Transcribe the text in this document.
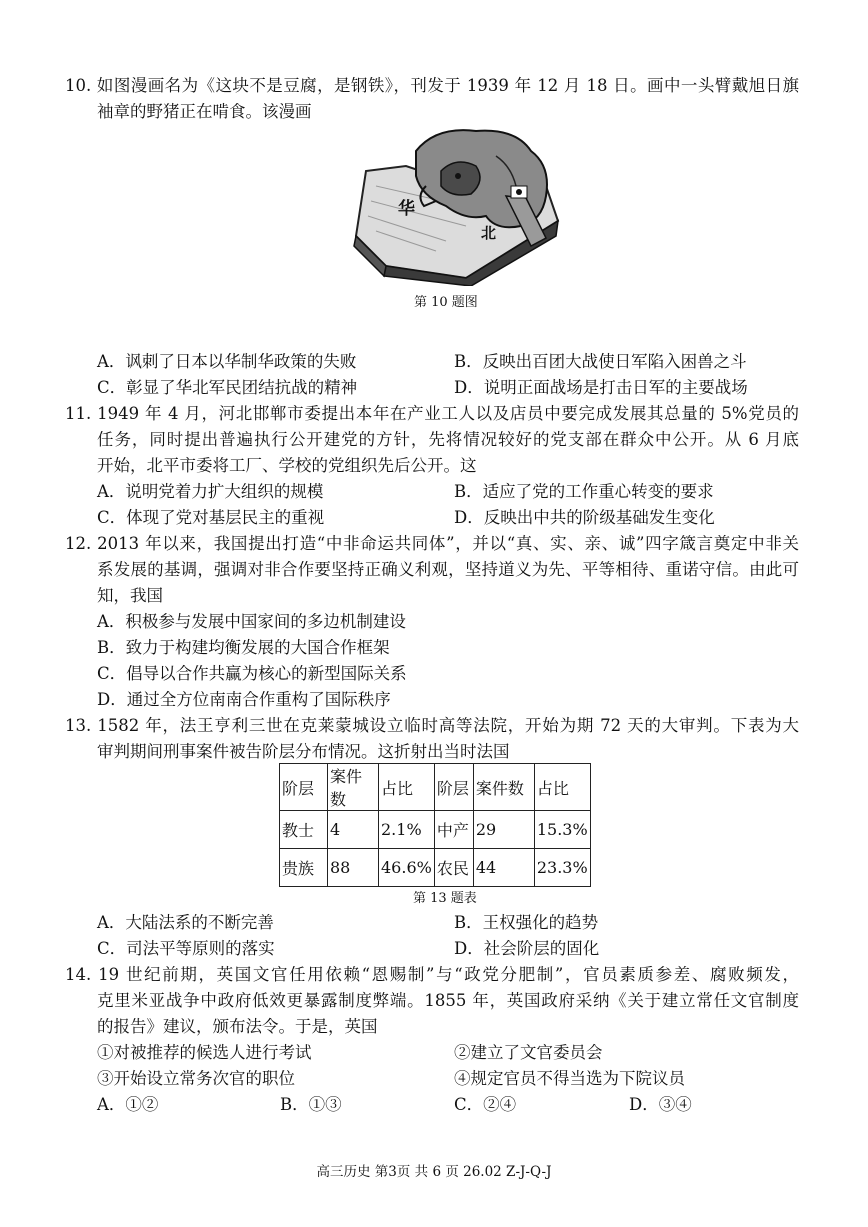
10. 如图漫画名为《这块不是豆腐，是钢铁》，刊发于 1939 年 12 月 18 日。画中一头臂戴旭日旗
袖章的野猪正在啃食。该漫画
华
北
第 10 题图
A．讽刺了日本以华制华政策的失败	B．反映出百团大战使日军陷入困兽之斗
C．彰显了华北军民团结抗战的精神	D．说明正面战场是打击日军的主要战场
11. 1949 年 4 月，河北邯郸市委提出本年在产业工人以及店员中要完成发展其总量的 5%党员的
任务，同时提出普遍执行公开建党的方针，先将情况较好的党支部在群众中公开。从 6 月底
开始，北平市委将工厂、学校的党组织先后公开。这
A．说明党着力扩大组织的规模	B．适应了党的工作重心转变的要求
C．体现了党对基层民主的重视	D．反映出中共的阶级基础发生变化
12. 2013 年以来，我国提出打造“中非命运共同体”，并以“真、实、亲、诚”四字箴言奠定中非关
系发展的基调，强调对非合作要坚持正确义利观，坚持道义为先、平等相待、重诺守信。由此可
知，我国
A．积极参与发展中国家间的多边机制建设
B．致力于构建均衡发展的大国合作框架
C．倡导以合作共赢为核心的新型国际关系
D．通过全方位南南合作重构了国际秩序
13. 1582 年，法王亨利三世在克莱蒙城设立临时高等法院，开始为期 72 天的大审判。下表为大
审判期间刑事案件被告阶层分布情况。这折射出当时法国
阶层	案件数	占比	阶层	案件数	占比
教士	4	2.1%	中产	29	15.3%
贵族	88	46.6%	农民	44	23.3%
第 13 题表
A．大陆法系的不断完善	B．王权强化的趋势
C．司法平等原则的落实	D．社会阶层的固化
14. 19 世纪前期，英国文官任用依赖“恩赐制”与“政党分肥制”，官员素质参差、腐败频发，
克里米亚战争中政府低效更暴露制度弊端。1855 年，英国政府采纳《关于建立常任文官制度
的报告》建议，颁布法令。于是，英国
①对被推荐的候选人进行考试	②建立了文官委员会
③开始设立常务次官的职位	④规定官员不得当选为下院议员
A．①②	B．①③	C．②④	D．③④
高三历史 第3页 共 6 页 26.02 Z-J-Q-J
